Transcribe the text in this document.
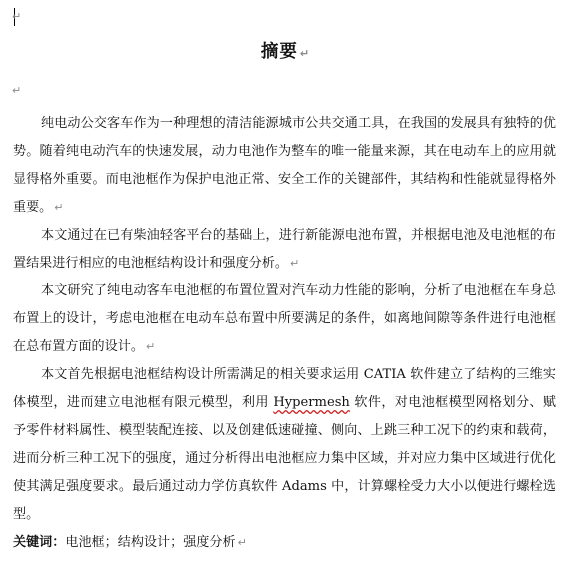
↵
摘要 ↵
↵

纯电动公交客车作为一种理想的清洁能源城市公共交通工具，在我国的发展具有独特的优势。随着纯电动汽车的快速发展，动力电池作为整车的唯一能量来源，其在电动车上的应用就显得格外重要。而电池框作为保护电池正常、安全工作的关键部件，其结构和性能就显得格外重要。 ↵

本文通过在已有柴油轻客平台的基础上，进行新能源电池布置，并根据电池及电池框的布置结果进行相应的电池框结构设计和强度分析。 ↵

本文研究了纯电动客车电池框的布置位置对汽车动力性能的影响，分析了电池框在车身总布置上的设计，考虑电池框在电动车总布置中所要满足的条件，如离地间隙等条件进行电池框在总布置方面的设计。 ↵

本文首先根据电池框结构设计所需满足的相关要求运用 CATIA 软件建立了结构的三维实体模型，进而建立电池框有限元模型，利用 Hypermesh 软件，对电池框模型网格划分、赋予零件材料属性、模型装配连接、以及创建低速碰撞、侧向、上跳三种工况下的约束和载荷，进而分析三种工况下的强度，通过分析得出电池框应力集中区域，并对应力集中区域进行优化使其满足强度要求。最后通过动力学仿真软件 Adams 中，计算螺栓受力大小以便进行螺栓选型。

关键词：电池框；结构设计；强度分析 ↵
